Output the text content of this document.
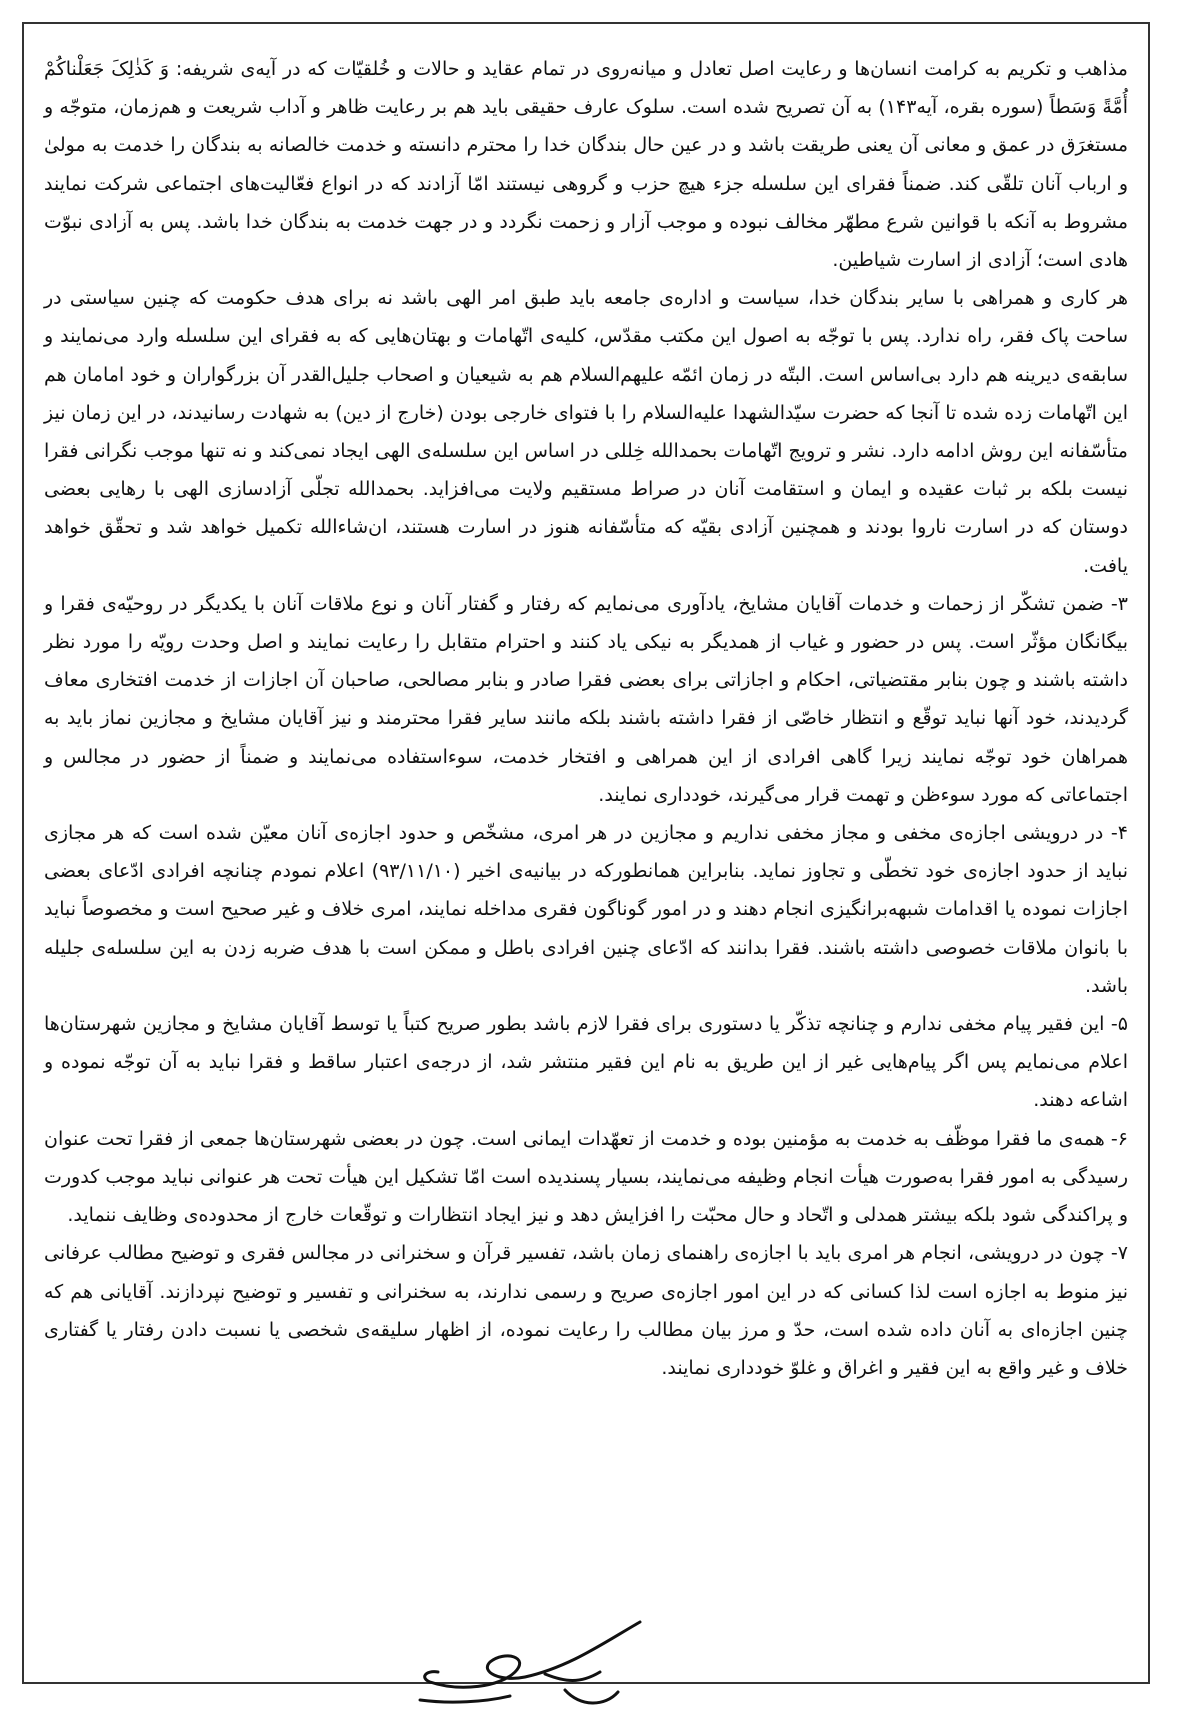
مذاهب و تکریم به کرامت انسان‌ها و رعایت اصل تعادل و میانه‌روی در تمام عقاید و حالات و خُلقیّات که در آیه‌ی شریفه: وَ کَذٰلِکَ جَعَلْناکُمْ أُمَّةً وَسَطاً (سوره بقره، آیه۱۴۳) به آن تصریح شده است. سلوک عارف حقیقی باید هم بر رعایت ظاهر و آداب شریعت و هم‌زمان، متوجّه و مستغرَق در عمق و معانی آن یعنی طریقت باشد و در عین حال بندگان خدا را محترم دانسته و خدمت خالصانه به بندگان را خدمت به مولیٰ و ارباب آنان تلقّی کند. ضمناً فقرای این سلسله جزء هیچ حزب و گروهی نیستند امّا آزادند که در انواع فعّالیت‌های اجتماعی شرکت نمایند مشروط به آنکه با قوانین شرع مطهّر مخالف نبوده و موجب آزار و زحمت نگردد و در جهت خدمت به بندگان خدا باشد. پس به آزادی نبوّت هادی است؛ آزادی از اسارت شیاطین.

هر کاری و همراهی با سایر بندگان خدا، سیاست و اداره‌ی جامعه باید طبق امر الهی باشد نه برای هدف حکومت که چنین سیاستی در ساحت پاک فقر، راه ندارد. پس با توجّه به اصول این مکتب مقدّس، کلیه‌ی اتّهامات و بهتان‌هایی که به فقرای این سلسله وارد می‌نمایند و سابقه‌ی دیرینه هم دارد بی‌اساس است. البتّه در زمان ائمّه علیهم‌السلام هم به شیعیان و اصحاب جلیل‌القدر آن بزرگواران و خود امامان هم این اتّهامات زده شده تا آنجا که حضرت سیّدالشهدا علیه‌السلام را با فتوای خارجی بودن (خارج از دین) به شهادت رسانیدند، در این زمان نیز متأسّفانه این روش ادامه دارد. نشر و ترویج اتّهامات بحمدالله خِللی در اساس این سلسله‌ی الهی ایجاد نمی‌کند و نه تنها موجب نگرانی فقرا نیست بلکه بر ثبات عقیده و ایمان و استقامت آنان در صراط مستقیم ولایت می‌افزاید. بحمدالله تجلّی آزادسازی الهی با رهایی بعضی دوستان که در اسارت ناروا بودند و همچنین آزادی بقیّه که متأسّفانه هنوز در اسارت هستند، ان‌شاءالله تکمیل خواهد شد و تحقّق خواهد یافت.

۳- ضمن تشکّر از زحمات و خدمات آقایان مشایخ، یادآوری می‌نمایم که رفتار و گفتار آنان و نوع ملاقات آنان با یکدیگر در روحیّه‌ی فقرا و بیگانگان مؤثّر است. پس در حضور و غیاب از همدیگر به نیکی یاد کنند و احترام متقابل را رعایت نمایند و اصل وحدت رویّه را مورد نظر داشته باشند و چون بنابر مقتضیاتی، احکام و اجازاتی برای بعضی فقرا صادر و بنابر مصالحی، صاحبان آن اجازات از خدمت افتخاری معاف گردیدند، خود آنها نباید توقّع و انتظار خاصّی از فقرا داشته باشند بلکه مانند سایر فقرا محترمند و نیز آقایان مشایخ و مجازین نماز باید به همراهان خود توجّه نمایند زیرا گاهی افرادی از این همراهی و افتخار خدمت، سوءاستفاده می‌نمایند و ضمناً از حضور در مجالس و اجتماعاتی که مورد سوءظن و تهمت قرار می‌گیرند، خودداری نمایند.

۴- در درویشی اجازه‌ی مخفی و مجاز مخفی نداریم و مجازین در هر امری، مشخّص و حدود اجازه‌ی آنان معیّن شده است که هر مجازی نباید از حدود اجازه‌ی خود تخطّی و تجاوز نماید. بنابراین همانطورکه در بیانیه‌ی اخیر (۹۳/۱۱/۱۰) اعلام نمودم چنانچه افرادی ادّعای بعضی اجازات نموده یا اقدامات شبهه‌برانگیزی انجام دهند و در امور گوناگون فقری مداخله نمایند، امری خلاف و غیر صحیح است و مخصوصاً نباید با بانوان ملاقات خصوصی داشته باشند. فقرا بدانند که ادّعای چنین افرادی باطل و ممکن است با هدف ضربه زدن به این سلسله‌ی جلیله باشد.

۵- این فقیر پیام مخفی ندارم و چنانچه تذکّر یا دستوری برای فقرا لازم باشد بطور صریح کتباً یا توسط آقایان مشایخ و مجازین شهرستان‌ها اعلام می‌نمایم پس اگر پیام‌هایی غیر از این طریق به نام این فقیر منتشر شد، از درجه‌ی اعتبار ساقط و فقرا نباید به آن توجّه نموده و اشاعه دهند.

۶- همه‌ی ما فقرا موظّف به خدمت به مؤمنین بوده و خدمت از تعهّدات ایمانی است. چون در بعضی شهرستان‌ها جمعی از فقرا تحت عنوان رسیدگی به امور فقرا به‌صورت هیأت انجام وظیفه می‌نمایند، بسیار پسندیده است امّا تشکیل این هیأت تحت هر عنوانی نباید موجب کدورت و پراکندگی شود بلکه بیشتر همدلی و اتّحاد و حال محبّت را افزایش دهد و نیز ایجاد انتظارات و توقّعات خارج از محدوده‌ی وظایف ننماید.

۷- چون در درویشی، انجام هر امری باید با اجازه‌ی راهنمای زمان باشد، تفسیر قرآن و سخنرانی در مجالس فقری و توضیح مطالب عرفانی نیز منوط به اجازه است لذا کسانی که در این امور اجازه‌ی صریح و رسمی ندارند، به سخنرانی و تفسیر و توضیح نپردازند. آقایانی هم که چنین اجازه‌ای به آنان داده شده است، حدّ و مرز بیان مطالب را رعایت نموده، از اظهار سلیقه‌ی شخصی یا نسبت دادن رفتار یا گفتاری خلاف و غیر واقع به این فقیر و اغراق و غلوّ خودداری نمایند.
